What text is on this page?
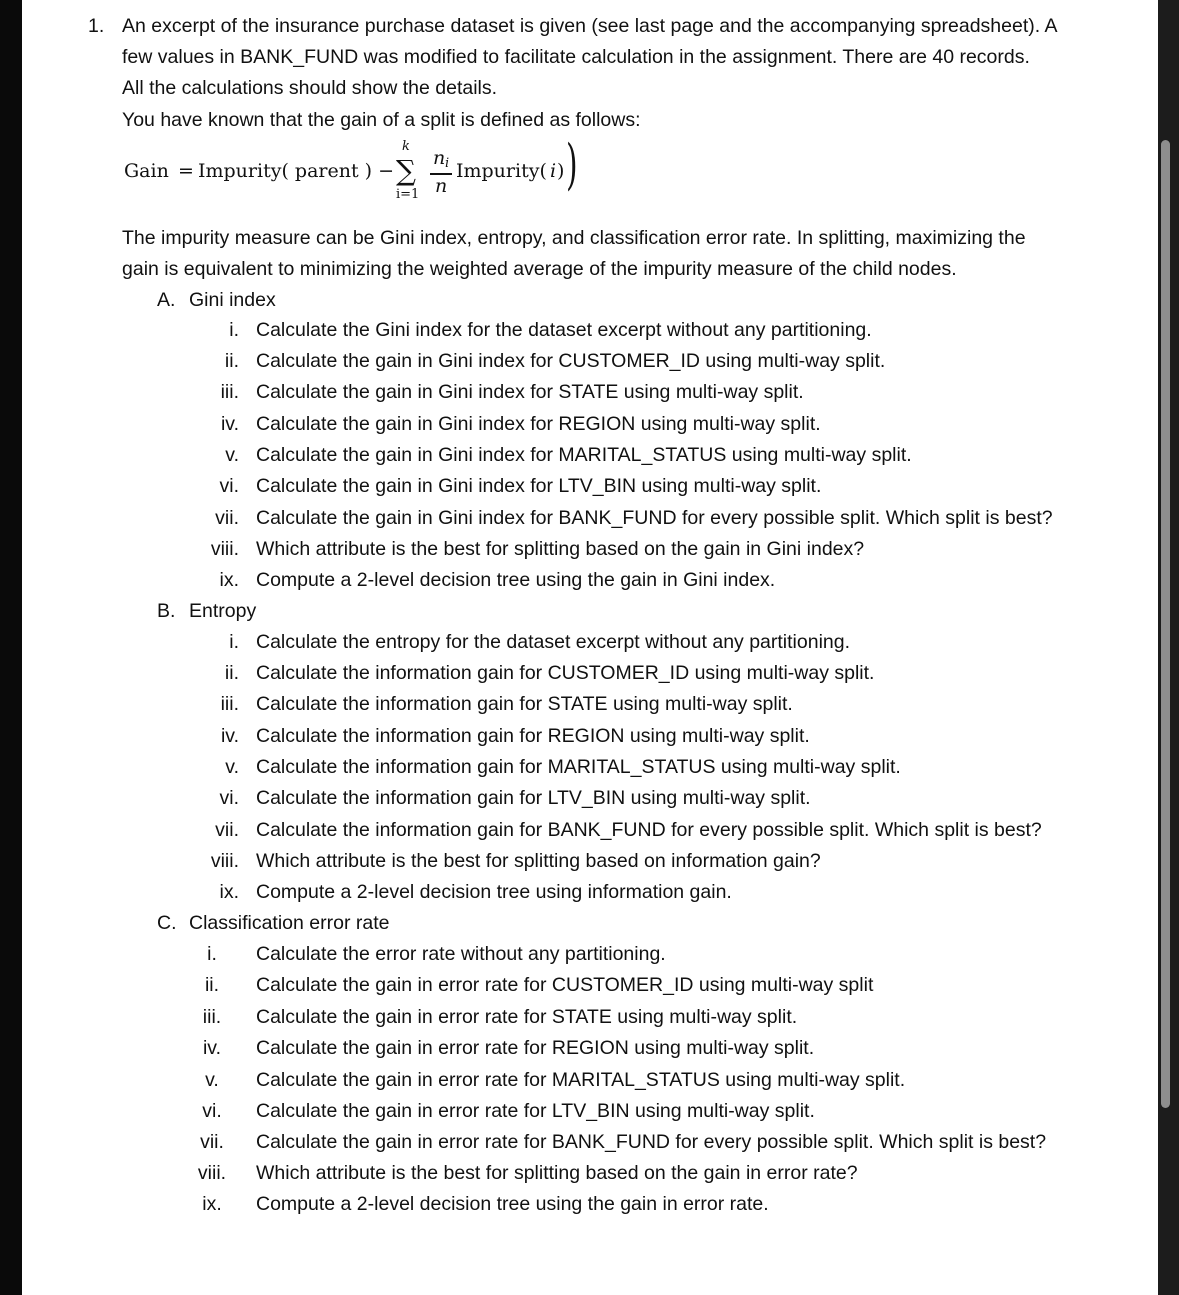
1. An excerpt of the insurance purchase dataset is given (see last page and the accompanying spreadsheet). A
few values in BANK_FUND was modified to facilitate calculation in the assignment. There are 40 records.
All the calculations should show the details.
You have known that the gain of a split is defined as follows:
Gain = Impurity( parent ) −
k
∑
i=1
n i
n
Impurity( i ) )
The impurity measure can be Gini index, entropy, and classification error rate. In splitting, maximizing the
gain is equivalent to minimizing the weighted average of the impurity measure of the child nodes.
A. Gini index
i. Calculate the Gini index for the dataset excerpt without any partitioning.
ii. Calculate the gain in Gini index for CUSTOMER_ID using multi-way split.
iii. Calculate the gain in Gini index for STATE using multi-way split.
iv. Calculate the gain in Gini index for REGION using multi-way split.
v. Calculate the gain in Gini index for MARITAL_STATUS using multi-way split.
vi. Calculate the gain in Gini index for LTV_BIN using multi-way split.
vii. Calculate the gain in Gini index for BANK_FUND for every possible split. Which split is best?
viii. Which attribute is the best for splitting based on the gain in Gini index?
ix. Compute a 2-level decision tree using the gain in Gini index.
B. Entropy
i. Calculate the entropy for the dataset excerpt without any partitioning.
ii. Calculate the information gain for CUSTOMER_ID using multi-way split.
iii. Calculate the information gain for STATE using multi-way split.
iv. Calculate the information gain for REGION using multi-way split.
v. Calculate the information gain for MARITAL_STATUS using multi-way split.
vi. Calculate the information gain for LTV_BIN using multi-way split.
vii. Calculate the information gain for BANK_FUND for every possible split. Which split is best?
viii. Which attribute is the best for splitting based on information gain?
ix. Compute a 2-level decision tree using information gain.
C. Classification error rate
i.	Calculate the error rate without any partitioning.
ii.	Calculate the gain in error rate for CUSTOMER_ID using multi-way split
iii.	Calculate the gain in error rate for STATE using multi-way split.
iv.	Calculate the gain in error rate for REGION using multi-way split.
v.	Calculate the gain in error rate for MARITAL_STATUS using multi-way split.
vi.	Calculate the gain in error rate for LTV_BIN using multi-way split.
vii.	Calculate the gain in error rate for BANK_FUND for every possible split. Which split is best?
viii.	Which attribute is the best for splitting based on the gain in error rate?
ix.	Compute a 2-level decision tree using the gain in error rate.
